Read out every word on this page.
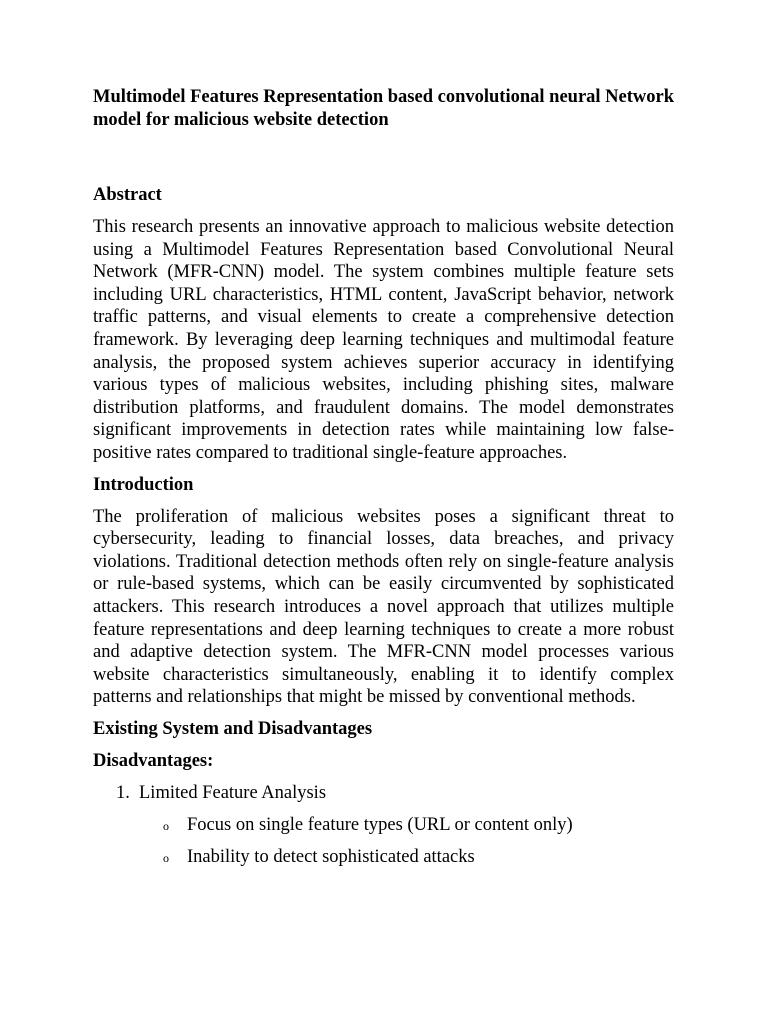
Multimodel Features Representation based convolutional neural Network model for malicious website detection

Abstract

This research presents an innovative approach to malicious website detection using a Multimodel Features Representation based Convolutional Neural Network (MFR-CNN) model. The system combines multiple feature sets including URL characteristics, HTML content, JavaScript behavior, network traffic patterns, and visual elements to create a comprehensive detection framework. By leveraging deep learning techniques and multimodal feature analysis, the proposed system achieves superior accuracy in identifying various types of malicious websites, including phishing sites, malware distribution platforms, and fraudulent domains. The model demonstrates significant improvements in detection rates while maintaining low false-positive rates compared to traditional single-feature approaches.

Introduction

The proliferation of malicious websites poses a significant threat to cybersecurity, leading to financial losses, data breaches, and privacy violations. Traditional detection methods often rely on single-feature analysis or rule-based systems, which can be easily circumvented by sophisticated attackers. This research introduces a novel approach that utilizes multiple feature representations and deep learning techniques to create a more robust and adaptive detection system. The MFR-CNN model processes various website characteristics simultaneously, enabling it to identify complex patterns and relationships that might be missed by conventional methods.

Existing System and Disadvantages

Disadvantages:

1. Limited Feature Analysis
o Focus on single feature types (URL or content only)
o Inability to detect sophisticated attacks
